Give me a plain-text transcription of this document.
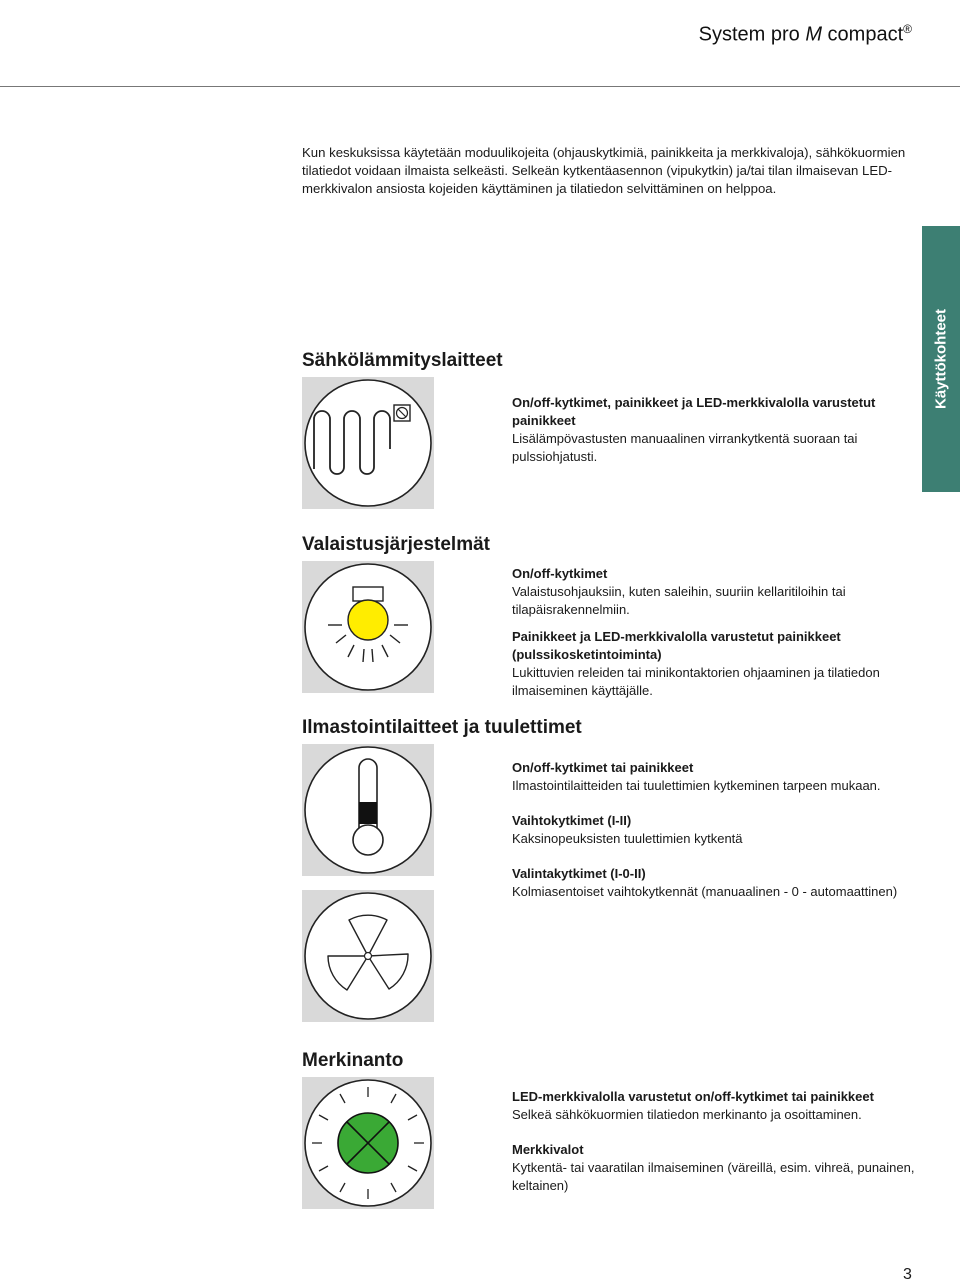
System pro M compact®

Kun keskuksissa käytetään moduulikojeita (ohjauskytkimiä, painikkeita ja merkkivaloja), sähkökuormien tilatiedot voidaan ilmaista selkeästi. Selkeän kytkentäasennon (vipukytkin) ja/tai tilan ilmaisevan LED-merkkivalon ansiosta kojeiden käyttäminen ja tilatiedon selvittäminen on helppoa.

Käyttökohteet
Sähkölämmityslaitteet

On/off-kytkimet, painikkeet ja LED-merkkivalolla varustetut painikkeet

Lisälämpövastusten manuaalinen virrankytkentä suoraan tai pulssiohjatusti.

Valaistusjärjestelmät

On/off-kytkimet

Valaistusohjauksiin, kuten saleihin, suuriin kellaritiloihin tai tilapäisrakennelmiin.

Painikkeet ja LED-merkkivalolla varustetut painikkeet (pulssikosketintoiminta)

Lukittuvien releiden tai minikontaktorien ohjaaminen ja tilatiedon ilmaiseminen käyttäjälle.

Ilmastointilaitteet ja tuulettimet

On/off-kytkimet tai painikkeet

Ilmastointilaitteiden tai tuulettimien kytkeminen tarpeen mukaan.

Vaihtokytkimet (I-II)

Kaksinopeuksisten tuulettimien kytkentä

Valintakytkimet (I-0-II)

Kolmiasentoiset vaihtokytkennät (manuaalinen - 0 - automaattinen)

Merkinanto

LED-merkkivalolla varustetut on/off-kytkimet tai painikkeet

Selkeä sähkökuormien tilatiedon merkinanto ja osoittaminen.

Merkkivalot

Kytkentä- tai vaaratilan ilmaiseminen (väreillä, esim. vihreä, punainen, keltainen)

3
